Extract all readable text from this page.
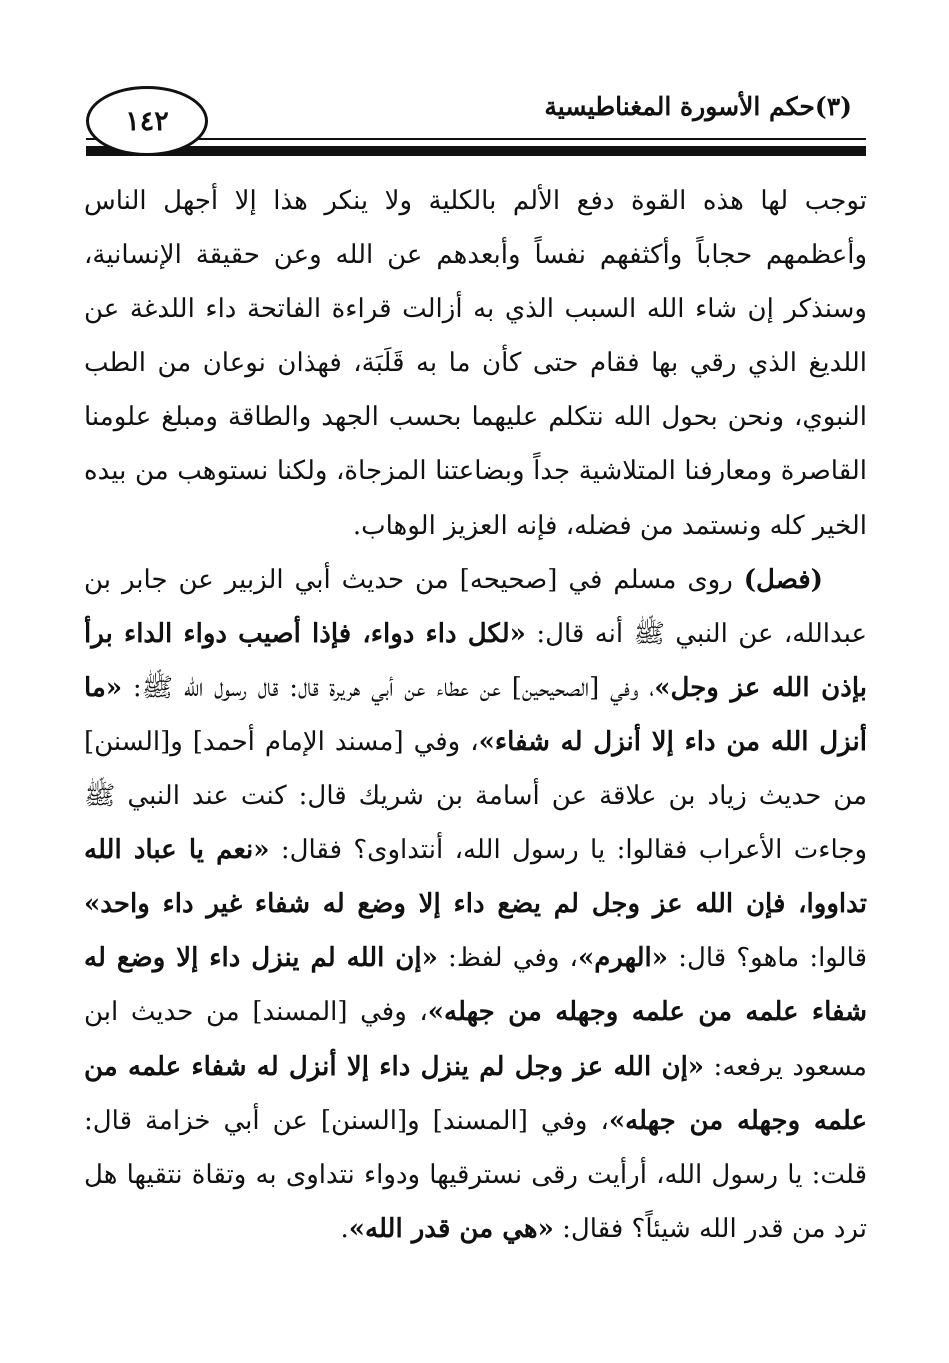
١٤٢	(٣)حكم الأسورة المغناطيسية

توجب لها هذه القوة دفع الألم بالكلية ولا ينكر هذا إلا أجهل الناس وأعظمهم حجاباً وأكثفهم نفساً وأبعدهم عن الله وعن حقيقة الإنسانية، وسنذكر إن شاء الله السبب الذي به أزالت قراءة الفاتحة داء اللدغة عن اللديغ الذي رقي بها فقام حتى كأن ما به قَلَبَة، فهذان نوعان من الطب النبوي، ونحن بحول الله نتكلم عليهما بحسب الجهد والطاقة ومبلغ علومنا القاصرة ومعارفنا المتلاشية جداً وبضاعتنا المزجاة، ولكنا نستوهب من بيده الخير كله ونستمد من فضله، فإنه العزيز الوهاب.

(فصل) روى مسلم في [صحيحه] من حديث أبي الزبير عن جابر بن عبدالله، عن النبي ﷺ أنه قال: «لكل داء دواء، فإذا أصيب دواء الداء برأ بإذن الله عز وجل»، وفي [الصحيحين] عن عطاء عن أبي هريرة قال: قال رسول الله ﷺ: «ما أنزل الله من داء إلا أنزل له شفاء»، وفي [مسند الإمام أحمد] و[السنن] من حديث زياد بن علاقة عن أسامة بن شريك قال: كنت عند النبي ﷺ وجاءت الأعراب فقالوا: يا رسول الله، أنتداوى؟ فقال: «نعم يا عباد الله تداووا، فإن الله عز وجل لم يضع داء إلا وضع له شفاء غير داء واحد» قالوا: ماهو؟ قال: «الهرم»، وفي لفظ: «إن الله لم ينزل داء إلا وضع له شفاء علمه من علمه وجهله من جهله»، وفي [المسند] من حديث ابن مسعود يرفعه: «إن الله عز وجل لم ينزل داء إلا أنزل له شفاء علمه من علمه وجهله من جهله»، وفي [المسند] و[السنن] عن أبي خزامة قال: قلت: يا رسول الله، أرأيت رقى نسترقيها ودواء نتداوى به وتقاة نتقيها هل ترد من قدر الله شيئاً؟ فقال: «هي من قدر الله».
